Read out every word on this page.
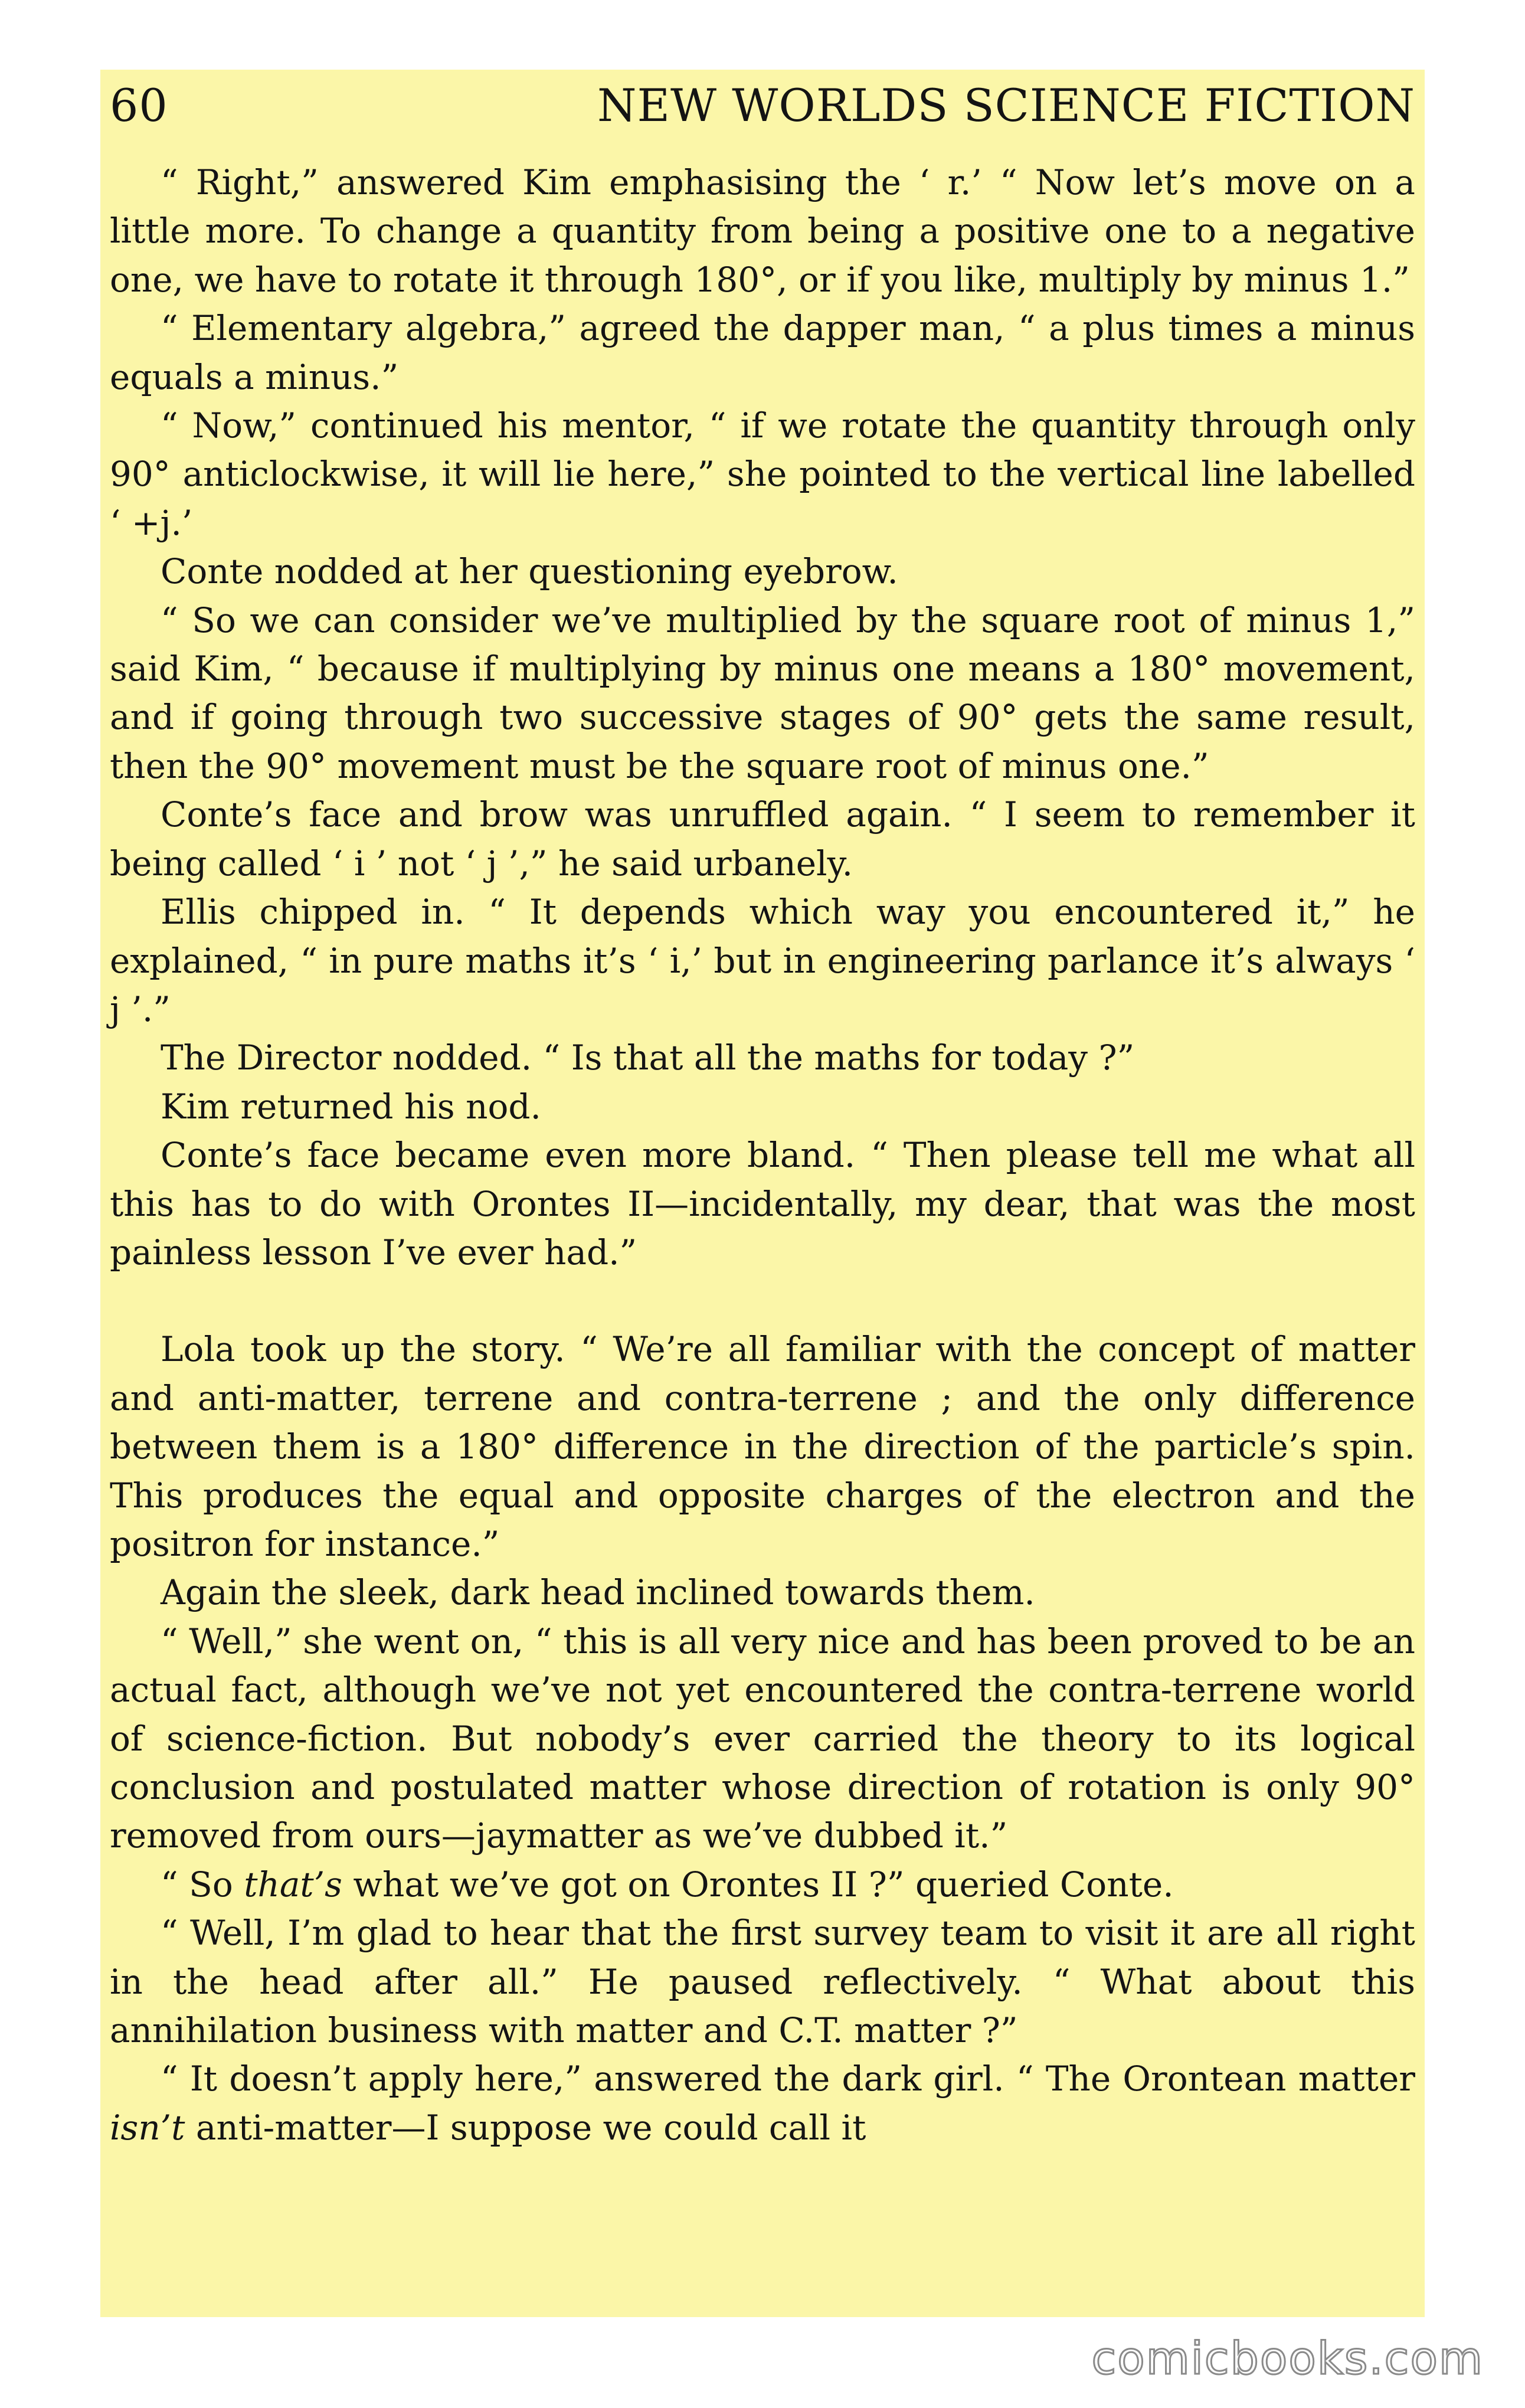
60	NEW WORLDS SCIENCE FICTION

“ Right,” answered Kim emphasising the ‘ r.’ “ Now let’s move on a little more. To change a quantity from being a positive one to a negative one, we have to rotate it through 180°, or if you like, multiply by minus 1.”

“ Elementary algebra,” agreed the dapper man, “ a plus times a minus equals a minus.”

“ Now,” continued his mentor, “ if we rotate the quantity through only 90° anticlockwise, it will lie here,” she pointed to the vertical line labelled ‘ +j.’

Conte nodded at her questioning eyebrow.

“ So we can consider we’ve multiplied by the square root of minus 1,” said Kim, “ because if multiplying by minus one means a 180° movement, and if going through two successive stages of 90° gets the same result, then the 90° movement must be the square root of minus one.”

Conte’s face and brow was unruffled again. “ I seem to remember it being called ‘ i ’ not ‘ j ’,” he said urbanely.

Ellis chipped in. “ It depends which way you encountered it,” he explained, “ in pure maths it’s ‘ i,’ but in engineering parlance it’s always ‘ j ’.”

The Director nodded. “ Is that all the maths for today ?”

Kim returned his nod.

Conte’s face became even more bland. “ Then please tell me what all this has to do with Orontes II—incidentally, my dear, that was the most painless lesson I’ve ever had.”

Lola took up the story. “ We’re all familiar with the concept of matter and anti-matter, terrene and contra-terrene ; and the only difference between them is a 180° difference in the direction of the particle’s spin. This produces the equal and opposite charges of the electron and the positron for instance.”

Again the sleek, dark head inclined towards them.

“ Well,” she went on, “ this is all very nice and has been proved to be an actual fact, although we’ve not yet encountered the contra-terrene world of science-fiction. But nobody’s ever carried the theory to its logical conclusion and postulated matter whose direction of rotation is only 90° removed from ours—jaymatter as we’ve dubbed it.”

“ So that’s what we’ve got on Orontes II ?” queried Conte.

“ Well, I’m glad to hear that the first survey team to visit it are all right in the head after all.” He paused reflectively. “ What about this annihilation business with matter and C.T. matter ?”

“ It doesn’t apply here,” answered the dark girl. “ The Orontean matter isn’t anti-matter—I suppose we could call it

comicbooks.com
